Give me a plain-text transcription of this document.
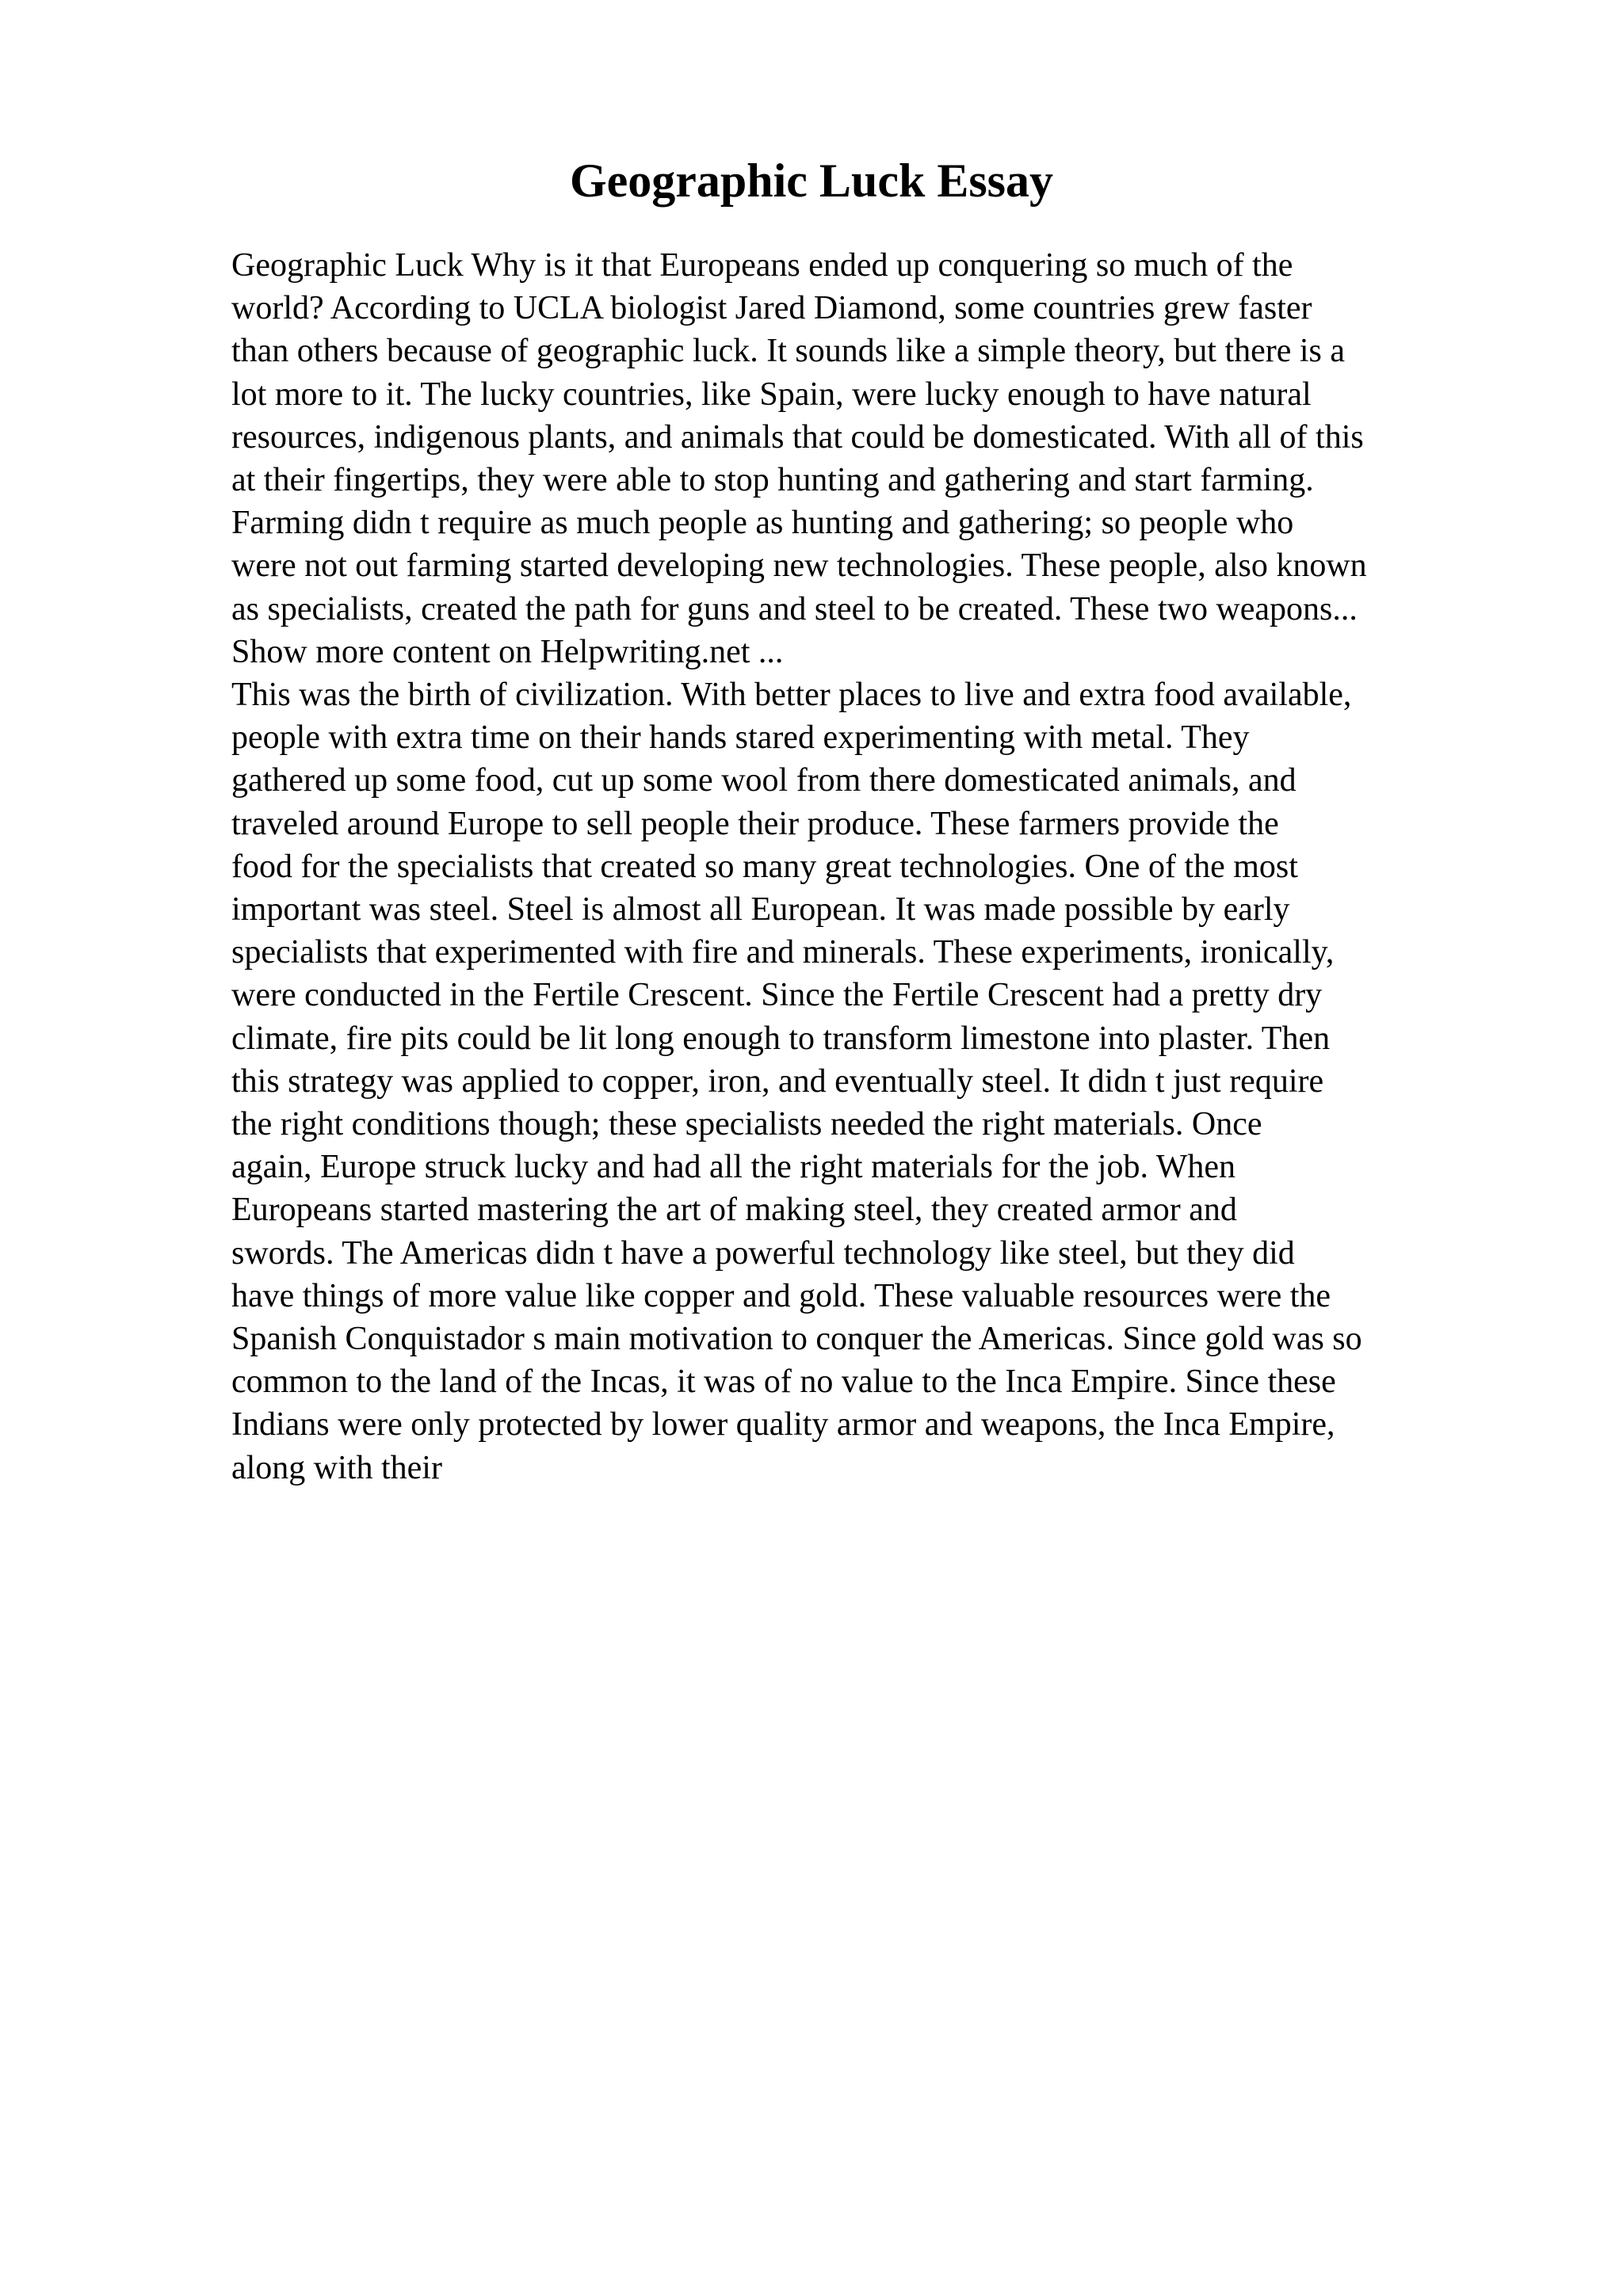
Geographic Luck Essay
Geographic Luck Why is it that Europeans ended up conquering so much of the
world? According to UCLA biologist Jared Diamond, some countries grew faster
than others because of geographic luck. It sounds like a simple theory, but there is a
lot more to it. The lucky countries, like Spain, were lucky enough to have natural
resources, indigenous plants, and animals that could be domesticated. With all of this
at their fingertips, they were able to stop hunting and gathering and start farming.
Farming didn t require as much people as hunting and gathering; so people who
were not out farming started developing new technologies. These people, also known
as specialists, created the path for guns and steel to be created. These two weapons...
Show more content on Helpwriting.net ...
This was the birth of civilization. With better places to live and extra food available,
people with extra time on their hands stared experimenting with metal. They
gathered up some food, cut up some wool from there domesticated animals, and
traveled around Europe to sell people their produce. These farmers provide the
food for the specialists that created so many great technologies. One of the most
important was steel. Steel is almost all European. It was made possible by early
specialists that experimented with fire and minerals. These experiments, ironically,
were conducted in the Fertile Crescent. Since the Fertile Crescent had a pretty dry
climate, fire pits could be lit long enough to transform limestone into plaster. Then
this strategy was applied to copper, iron, and eventually steel. It didn t just require
the right conditions though; these specialists needed the right materials. Once
again, Europe struck lucky and had all the right materials for the job. When
Europeans started mastering the art of making steel, they created armor and
swords. The Americas didn t have a powerful technology like steel, but they did
have things of more value like copper and gold. These valuable resources were the
Spanish Conquistador s main motivation to conquer the Americas. Since gold was so
common to the land of the Incas, it was of no value to the Inca Empire. Since these
Indians were only protected by lower quality armor and weapons, the Inca Empire,
along with their
